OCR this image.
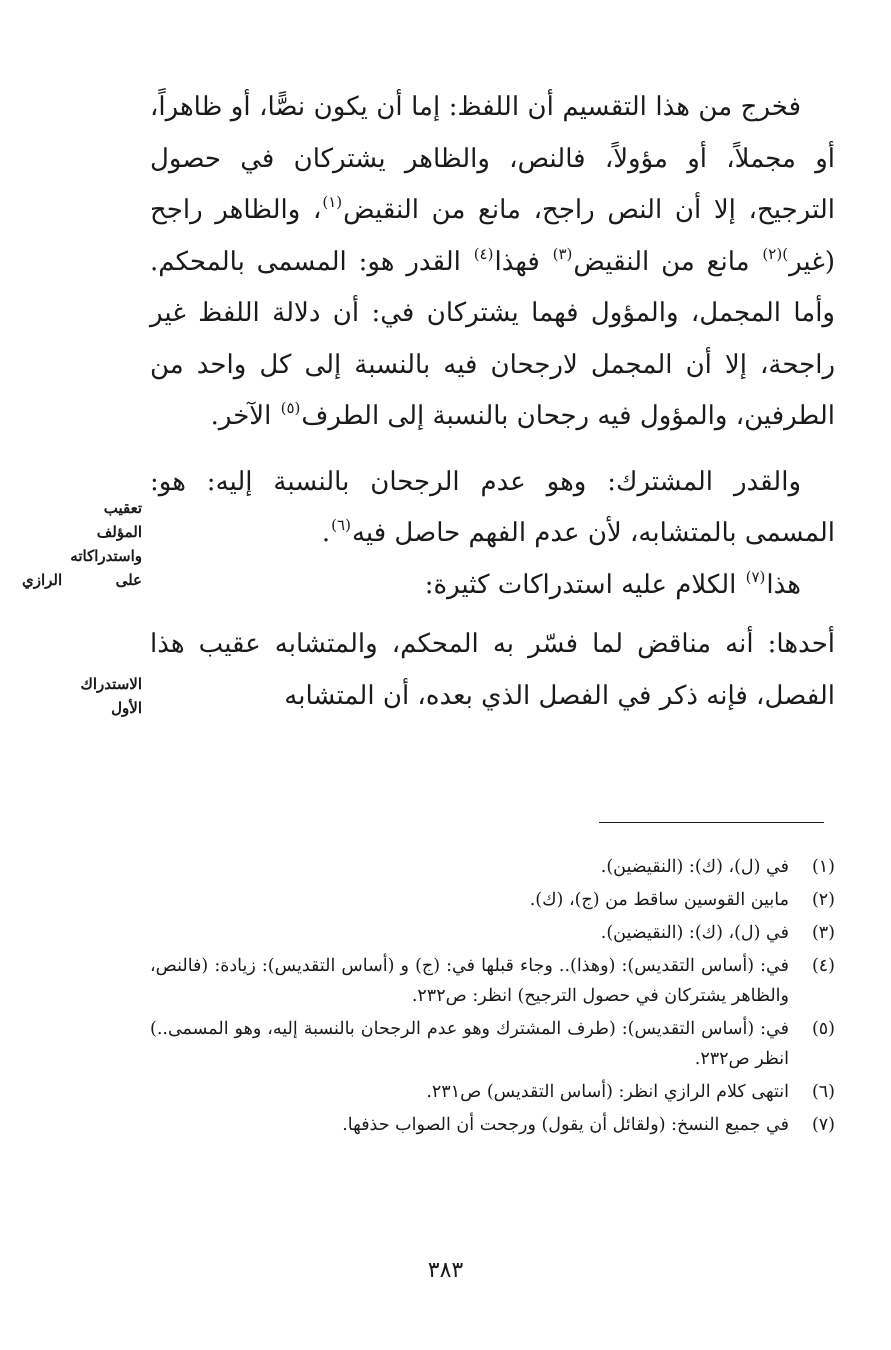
فخرج من هذا التقسيم أن اللفظ: إما أن يكون نصًّا، أو ظاهراً، أو مجملاً، أو مؤولاً، فالنص، والظاهر يشتركان في حصول الترجيح، إلا أن النص راجح، مانع من النقيض$^{(١)}$، والظاهر راجح (غير$^{)(٢)}$ مانع من النقيض$^{(٣)}$ فهذا$^{(٤)}$ القدر هو: المسمى بالمحكم. وأما المجمل، والمؤول فهما يشتركان في: أن دلالة اللفظ غير راجحة، إلا أن المجمل لارجحان فيه بالنسبة إلى كل واحد من الطرفين، والمؤول فيه رجحان بالنسبة إلى الطرف$^{(٥)}$ الآخر.

والقدر المشترك: وهو عدم الرجحان بالنسبة إليه: هو: المسمى بالمتشابه، لأن عدم الفهم حاصل فيه$^{(٦)}$.

هذا$^{(٧)}$ الكلام عليه استدراكات كثيرة:

أحدها: أنه مناقض لما فسّر به المحكم، والمتشابه عقيب هذا الفصل، فإنه ذكر في الفصل الذي بعده، أن المتشابه

تعقيب
المؤلف
واستدراكاته
على الرازي
الاستدراك
الأول
(١)
في (ل)، (ك): (النقيضين).
(٢)
مابين القوسين ساقط من (ج)، (ك).
(٣)
في (ل)، (ك): (النقيضين).
(٤)
في: (أساس التقديس): (وهذا).. وجاء قبلها في: (ج) و (أساس التقديس): زيادة: (فالنص، والظاهر يشتركان في حصول الترجيح) انظر: ص٢٣٢.
(٥)
في: (أساس التقديس): (طرف المشترك وهو عدم الرجحان بالنسبة إليه، وهو المسمى..) انظر ص٢٣٢.
(٦)
انتهى كلام الرازي انظر: (أساس التقديس) ص٢٣١.
(٧)
في جميع النسخ: (ولقائل أن يقول) ورجحت أن الصواب حذفها.
٣٨٣
